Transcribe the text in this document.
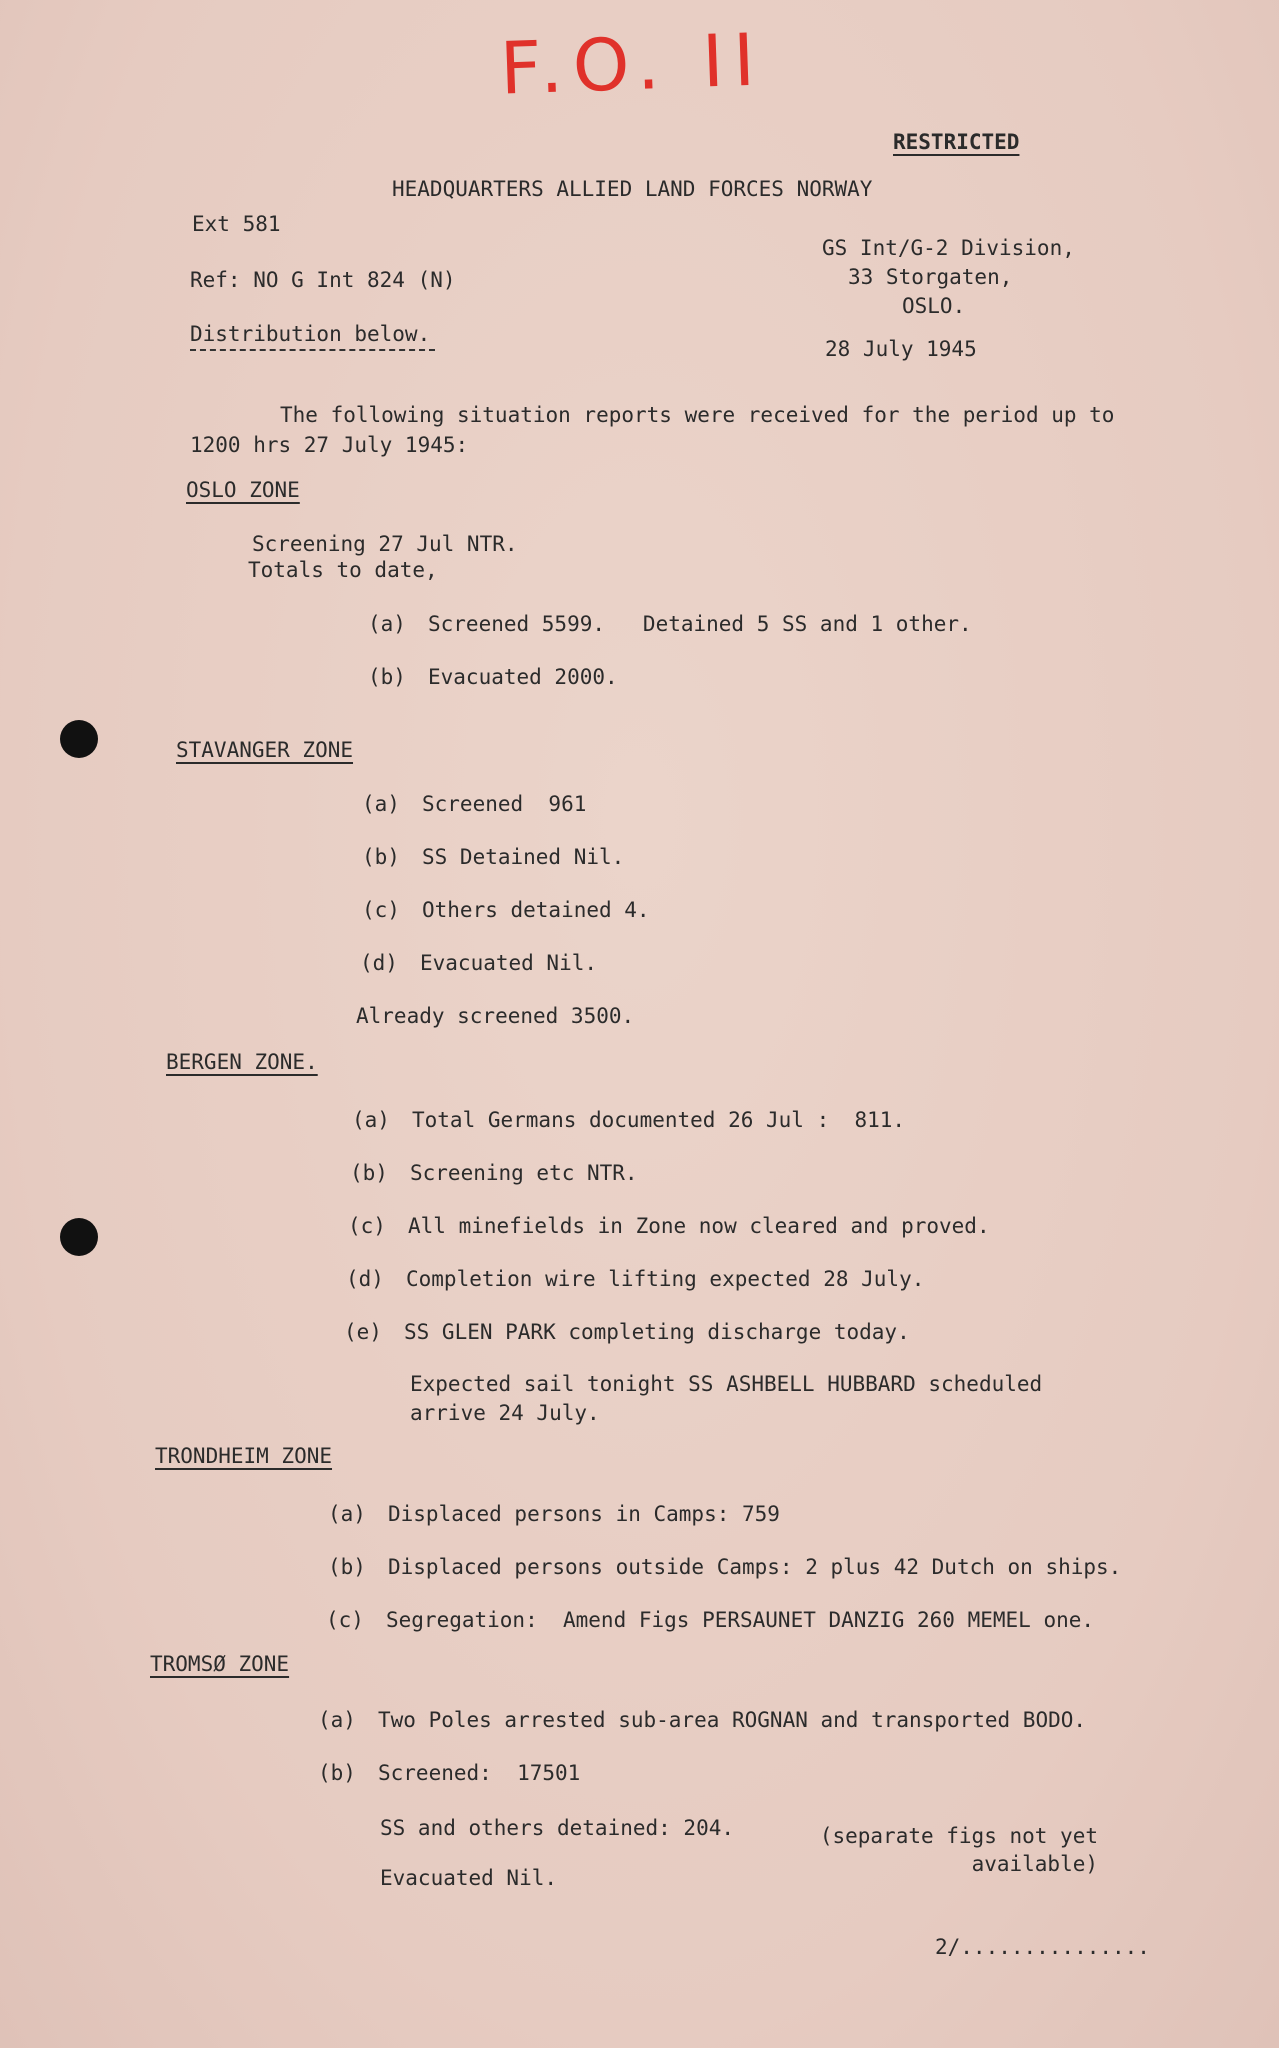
F.O. II
RESTRICTED
HEADQUARTERS ALLIED LAND FORCES NORWAY
Ext 581
Ref: NO G Int 824 (N)
Distribution below.
GS Int/G-2 Division,
33 Storgaten,
OSLO.
28 July 1945
The following situation reports were received for the period up to 1200 hrs 27 July 1945:
OSLO ZONE
Screening 27 Jul NTR.
Totals to date,
(a) Screened 5599.   Detained 5 SS and 1 other.
(b) Evacuated 2000.
STAVANGER ZONE
(a) Screened  961
(b) SS Detained Nil.
(c) Others detained 4.
(d) Evacuated Nil.
Already screened 3500.
BERGEN ZONE.
(a) Total Germans documented 26 Jul :  811.
(b) Screening etc NTR.
(c) All minefields in Zone now cleared and proved.
(d) Completion wire lifting expected 28 July.
(e) SS GLEN PARK completing discharge today.
Expected sail tonight SS ASHBELL HUBBARD scheduled arrive 24 July.
TRONDHEIM ZONE
(a) Displaced persons in Camps: 759
(b) Displaced persons outside Camps: 2 plus 42 Dutch on ships.
(c) Segregation:  Amend Figs PERSAUNET DANZIG 260 MEMEL one.
TROMSØ ZONE
(a) Two Poles arrested sub-area ROGNAN and transported BODO.
(b) Screened:  17501
SS and others detained: 204.	(separate figs not yet available)
Evacuated Nil.
2/...............
